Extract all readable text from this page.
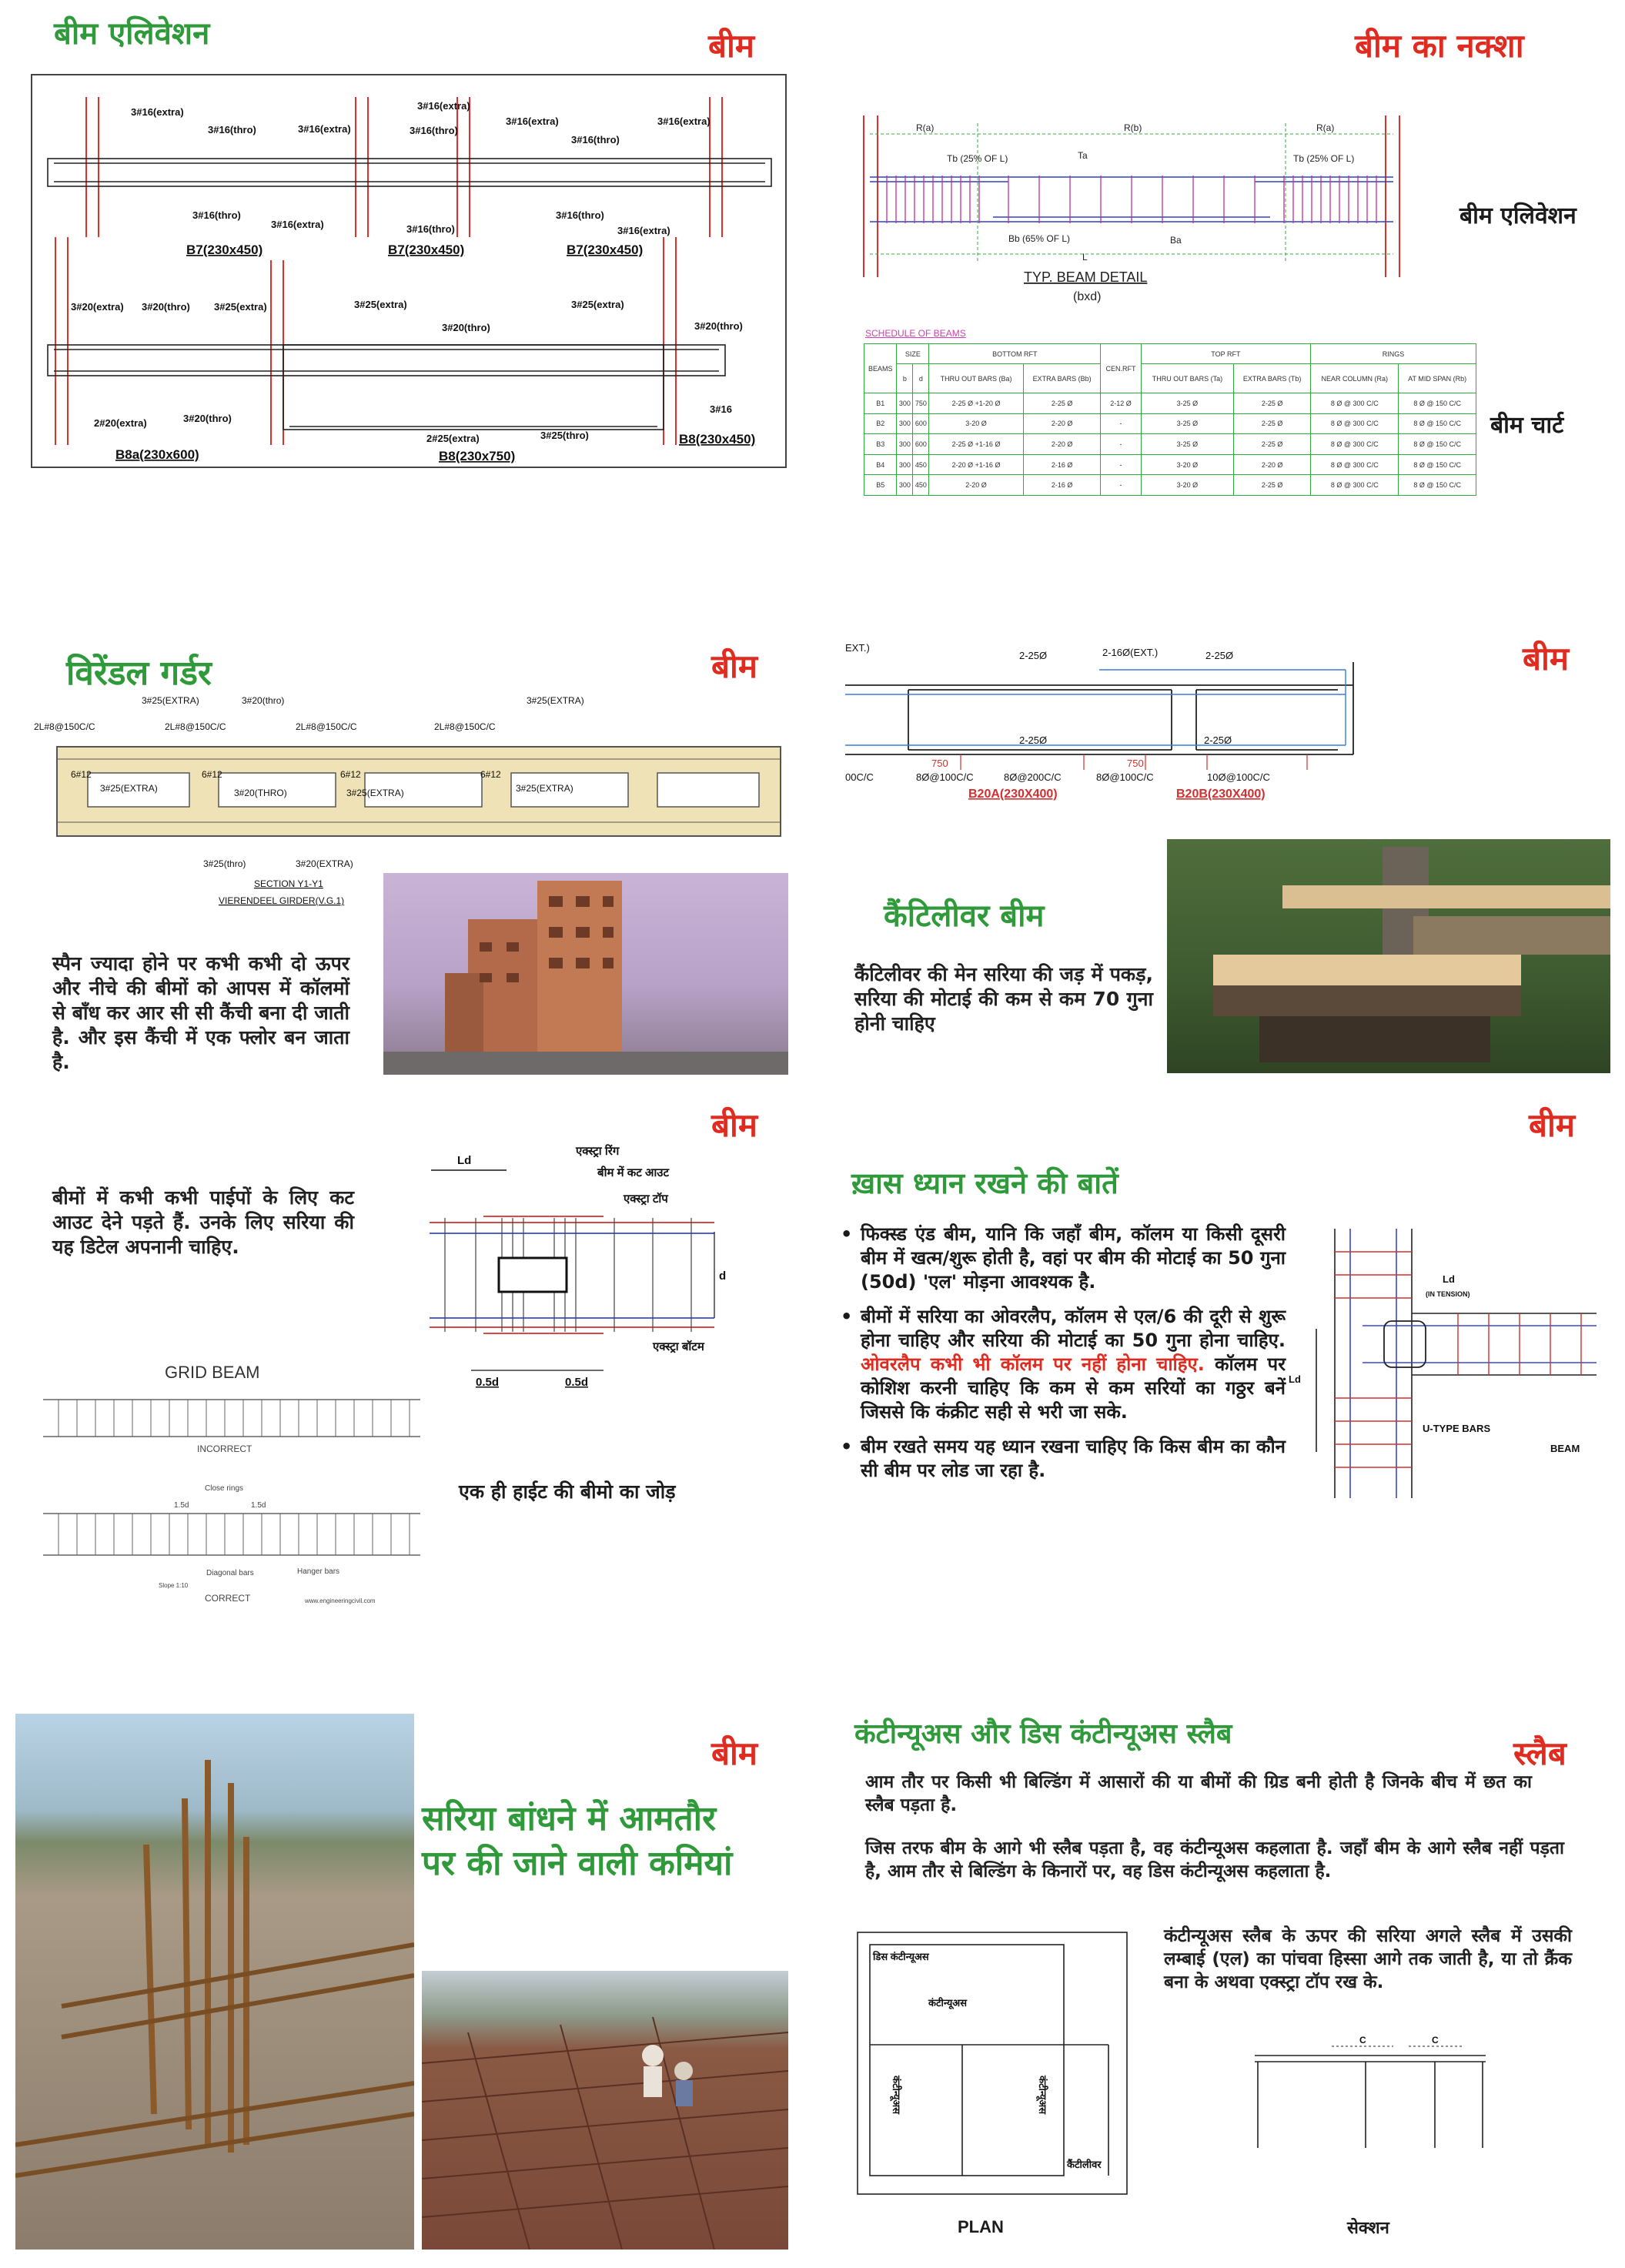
बीम एलिवेशन	बीम
3#16(extra)
3#16(thro)	3#16(extra)
3#16(extra)
3#16(thro)
3#16(extra)
3#16(thro)
3#16(extra)
3#16(thro)
3#16(extra)	3#16(thro)
3#16(thro)
3#16(extra)
B7(230x450)	B7(230x450)	B7(230x450)
3#20(extra) 3#20(thro) 3#25(extra)	3#25(extra)
3#20(thro)
3#25(extra)
3#20(thro)
2#20(extra)	3#20(thro)
2#25(extra)	3#25(thro)
3#16
B8a(230x600)	B8(230x750)
B8(230x450)
बीम का नक्शा
R(a)	R(b)	R(a)
Tb (25% OF L)	Ta	Tb (25% OF L)
Bb (65% OF L)	Ba
L
TYP. BEAM DETAIL
(bxd)
बीम एलिवेशन
SCHEDULE OF BEAMS
BEAMS	SIZE		BOTTOM RFT		CEN.RFT	TOP RFT		RINGS	
	b	d	THRU OUT BARS (Ba)	EXTRA BARS (Bb)		THRU OUT BARS (Ta)	EXTRA BARS (Tb)	NEAR COLUMN (Ra)	AT MID SPAN (Rb)
B1	300	750	2-25 Ø +1-20 Ø	2-25 Ø	2-12 Ø	3-25 Ø	2-25 Ø	8 Ø @ 300 C/C	8 Ø @ 150 C/C
B2	300	600	3-20 Ø	2-20 Ø	-	3-25 Ø	2-25 Ø	8 Ø @ 300 C/C	8 Ø @ 150 C/C
B3	300	600	2-25 Ø +1-16 Ø	2-20 Ø	-	3-25 Ø	2-25 Ø	8 Ø @ 300 C/C	8 Ø @ 150 C/C
B4	300	450	2-20 Ø +1-16 Ø	2-16 Ø	-	3-20 Ø	2-20 Ø	8 Ø @ 300 C/C	8 Ø @ 150 C/C
B5	300	450	2-20 Ø	2-16 Ø	-	3-20 Ø	2-25 Ø	8 Ø @ 300 C/C	8 Ø @ 150 C/C
बीम चार्ट
विरेंडल गर्डर	बीम
3#25(EXTRA)	3#20(thro)	3#25(EXTRA)
2L#8@150C/C	2L#8@150C/C	2L#8@150C/C	2L#8@150C/C
3#25(EXTRA)	3#20(THRO)	3#25(EXTRA)	3#25(EXTRA)
6#12	6#12	6#12	6#12
3#25(thro)	3#20(EXTRA)
SECTION Y1-Y1
VIERENDEEL GIRDER(V.G.1)
स्पैन ज्यादा होने पर कभी कभी दो ऊपर और नीचे की बीमों को आपस में कॉलमों से बाँध कर आर सी सी कैंची बना दी जाती है. और इस कैंची में एक फ्लोर बन जाता है.
बीम
EXT.)
2-25Ø	2-16Ø(EXT.)	2-25Ø
2-25Ø	2-25Ø
00C/C	8Ø@100C/C	8Ø@200C/C	8Ø@100C/C	10Ø@100C/C
750	750
B20A(230X400)	B20B(230X400)
कैंटिलीवर बीम
कैंटिलीवर की मेन सरिया की जड़ में पकड़, सरिया की मोटाई की कम से कम 70 गुना होनी चाहिए
बीम
बीमों में कभी कभी पाईपों के लिए कट आउट देने पड़ते हैं. उनके लिए सरिया की यह डिटेल अपनानी चाहिए.
Ld
एक्स्ट्रा रिंग
बीम में कट आउट
एक्स्ट्रा टॉप
d
एक्स्ट्रा बॉटम
0.5d	0.5d
GRID BEAM
INCORRECT
Close rings
1.5d	1.5d
Diagonal bars	Hanger bars
Slope 1:10
CORRECT	www.engineeringcivil.com
एक ही हाईट की बीमो का जोड़
बीम
ख़ास ध्यान रखने की बातें
• फिक्स्ड एंड बीम, यानि कि जहाँ बीम, कॉलम या किसी दूसरी बीम में खत्म/शुरू होती है, वहां पर बीम की मोटाई का 50 गुना (50d) 'एल' मोड़ना आवश्यक है.
• बीमों में सरिया का ओवरलैप, कॉलम से एल/6 की दूरी से शुरू होना चाहिए और सरिया की मोटाई का 50 गुना होना चाहिए. ओवरलैप कभी भी कॉलम पर नहीं होना चाहिए. कॉलम पर कोशिश करनी चाहिए कि कम से कम सरियों का गठ्ठर बनें जिससे कि कंक्रीट सही से भरी जा सके.
• बीम रखते समय यह ध्यान रखना चाहिए कि किस बीम का कौन सी बीम पर लोड जा रहा है.
Ld
(IN TENSION)
Ld
U-TYPE BARS
BEAM
बीम
सरिया बांधने में आमतौर
पर की जाने वाली कमियां
कंटीन्यूअस और डिस कंटीन्यूअस स्लैब
स्लैब
आम तौर पर किसी भी बिल्डिंग में आसारों की या बीमों की ग्रिड बनी होती है जिनके बीच में छत का स्लैब पड़ता है.
जिस तरफ बीम के आगे भी स्लैब पड़ता है, वह कंटीन्यूअस कहलाता है. जहाँ बीम के आगे स्लैब नहीं पड़ता है, आम तौर से बिल्डिंग के किनारों पर, वह डिस कंटीन्यूअस कहलाता है.
डिस कंटीन्यूअस
कंटीन्यूअस
कंटीन्यूअस	कंटीन्यूअस
कैंटीलीवर
PLAN
कंटीन्यूअस स्लैब के ऊपर की सरिया अगले स्लैब में उसकी लम्बाई (एल) का पांचवा हिस्सा आगे तक जाती है, या तो क्रैंक बना के अथवा एक्स्ट्रा टॉप रख के.
C	C
सेक्शन
